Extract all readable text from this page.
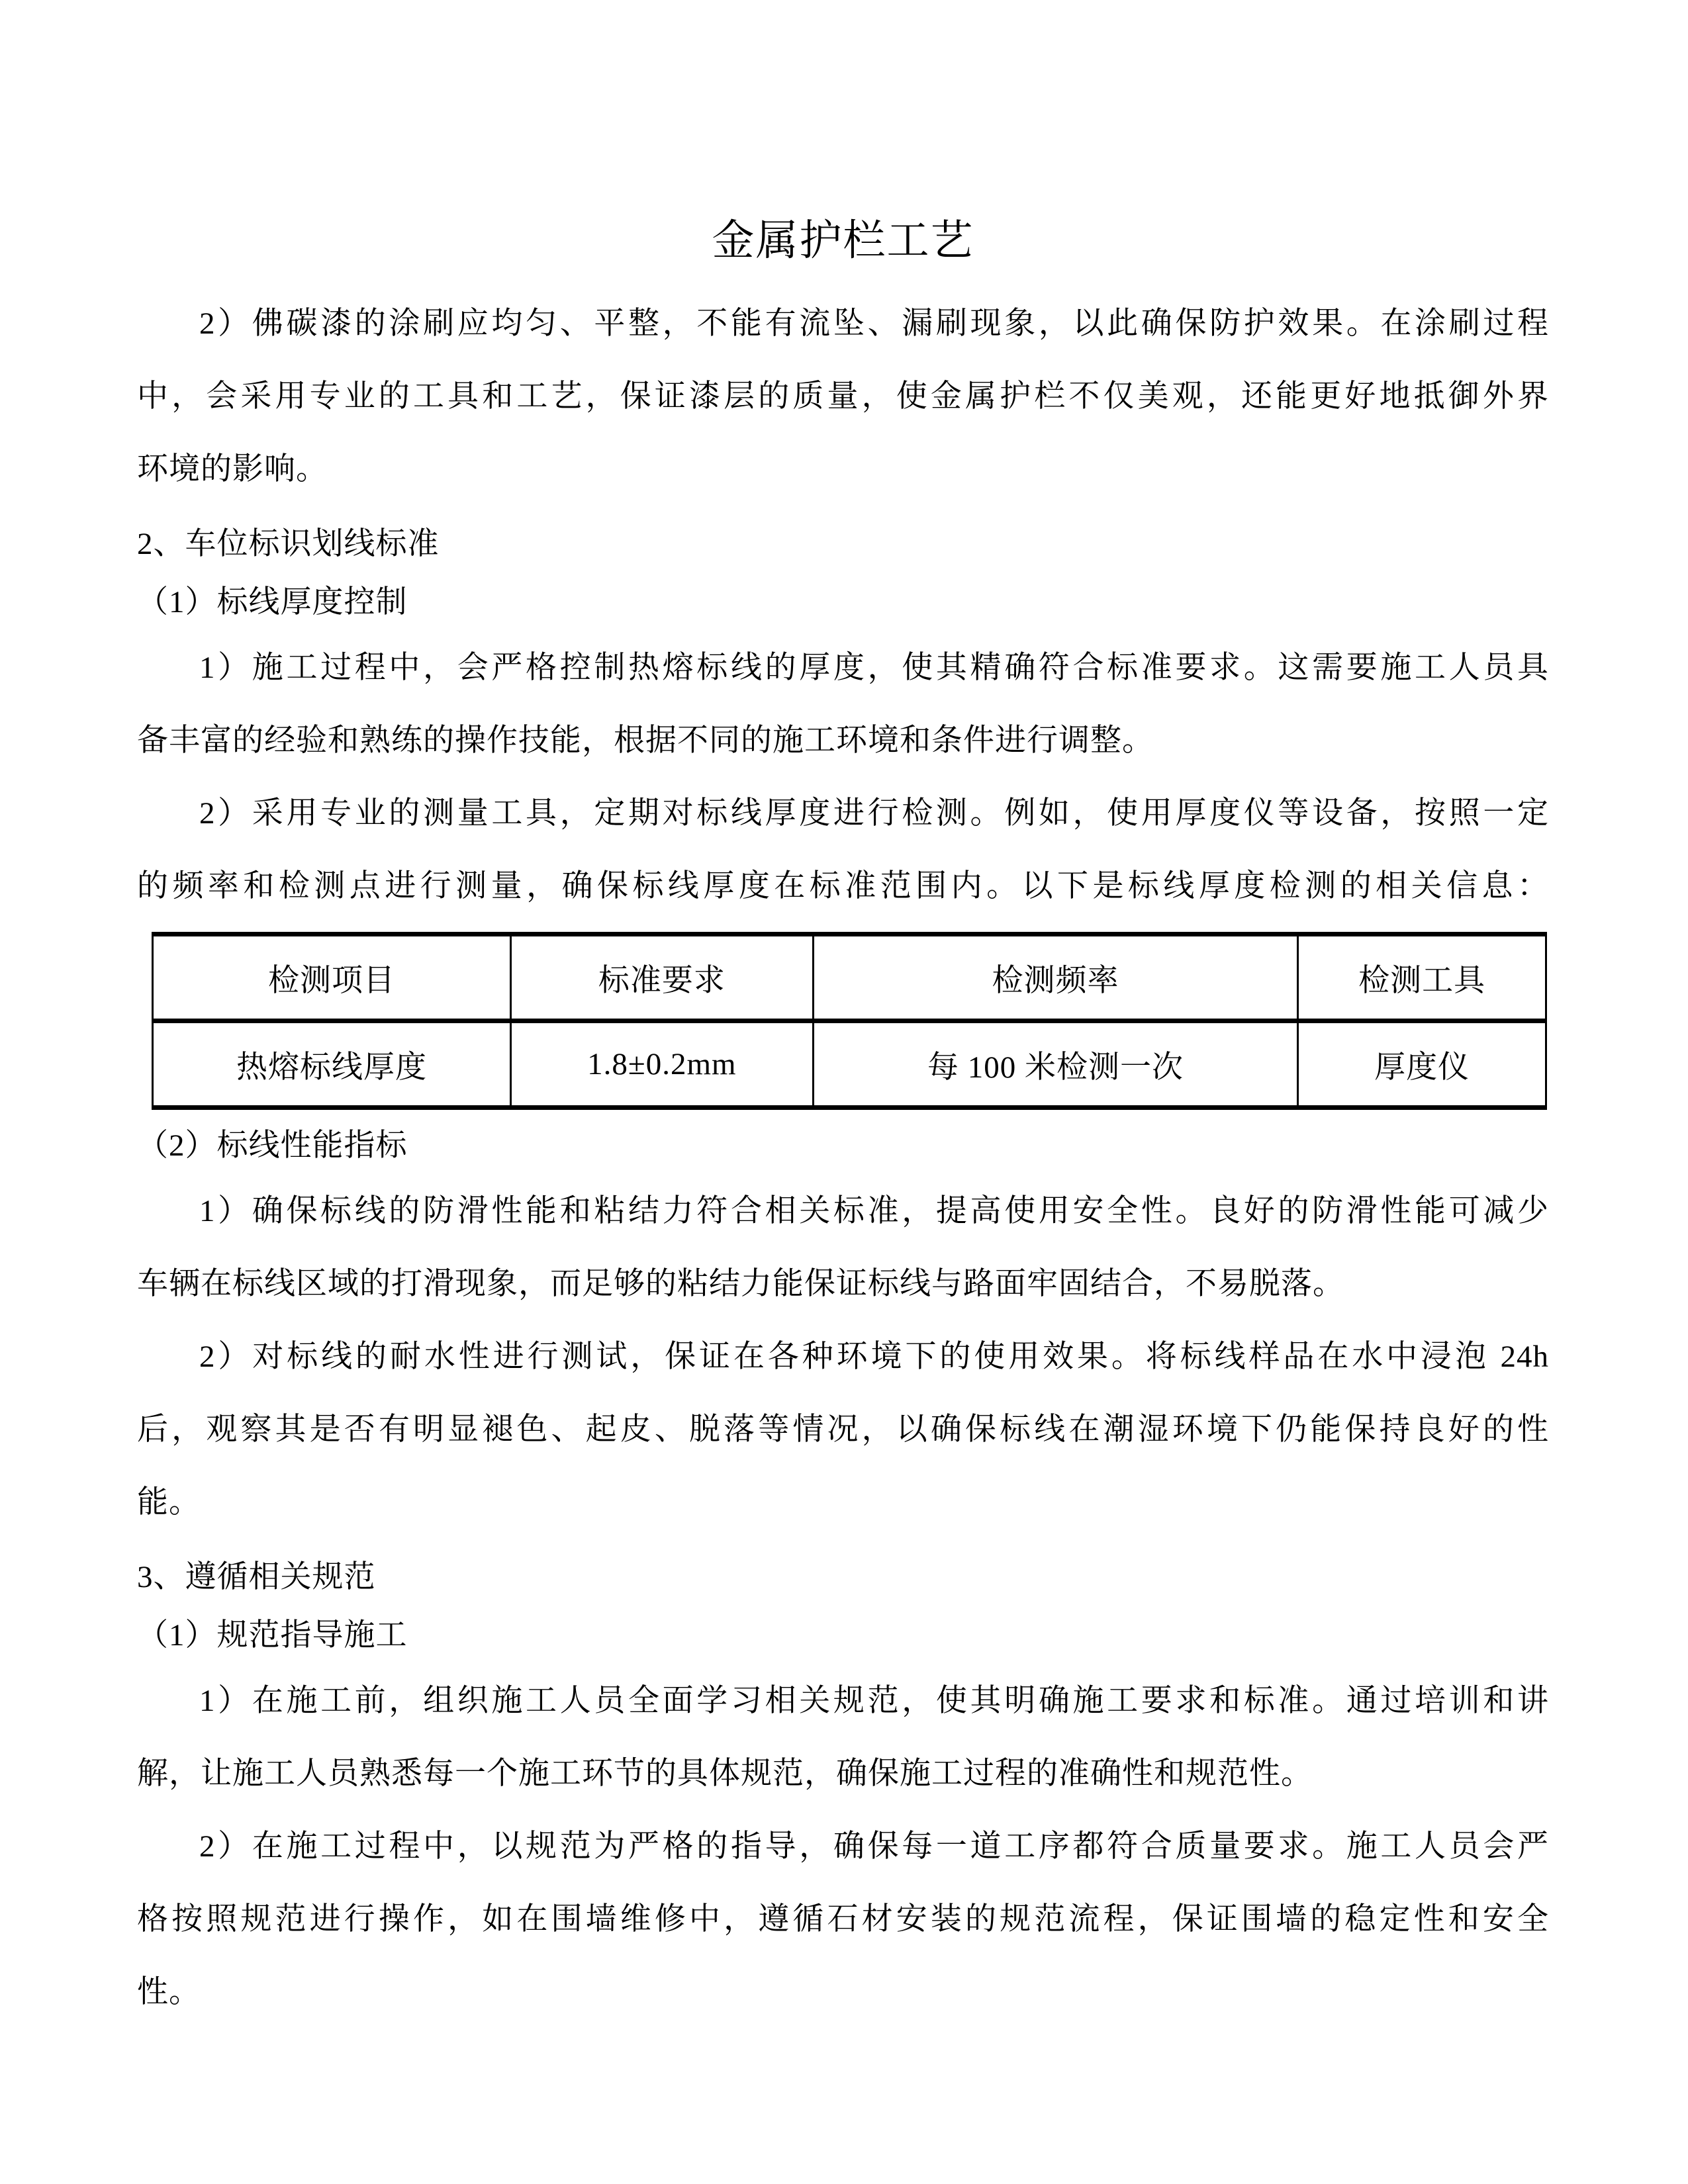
金属护栏工艺
2）佛碳漆的涂刷应均匀、平整，不能有流坠、漏刷现象，以此确保防护效果。在涂刷过程
中，会采用专业的工具和工艺，保证漆层的质量，使金属护栏不仅美观，还能更好地抵御外界
环境的影响。
2、车位标识划线标准
（1）标线厚度控制
1）施工过程中，会严格控制热熔标线的厚度，使其精确符合标准要求。这需要施工人员具
备丰富的经验和熟练的操作技能，根据不同的施工环境和条件进行调整。
2）采用专业的测量工具，定期对标线厚度进行检测。例如，使用厚度仪等设备，按照一定
的频率和检测点进行测量，确保标线厚度在标准范围内。以下是标线厚度检测的相关信息：
检测项目	标准要求	检测频率	检测工具
热熔标线厚度	1.8±0.2mm	每 100 米检测一次	厚度仪
（2）标线性能指标
1）确保标线的防滑性能和粘结力符合相关标准，提高使用安全性。良好的防滑性能可减少
车辆在标线区域的打滑现象，而足够的粘结力能保证标线与路面牢固结合，不易脱落。
2）对标线的耐水性进行测试，保证在各种环境下的使用效果。将标线样品在水中浸泡 24h
后，观察其是否有明显褪色、起皮、脱落等情况，以确保标线在潮湿环境下仍能保持良好的性
能。
3、遵循相关规范
（1）规范指导施工
1）在施工前，组织施工人员全面学习相关规范，使其明确施工要求和标准。通过培训和讲
解，让施工人员熟悉每一个施工环节的具体规范，确保施工过程的准确性和规范性。
2）在施工过程中，以规范为严格的指导，确保每一道工序都符合质量要求。施工人员会严
格按照规范进行操作，如在围墙维修中，遵循石材安装的规范流程，保证围墙的稳定性和安全
性。
